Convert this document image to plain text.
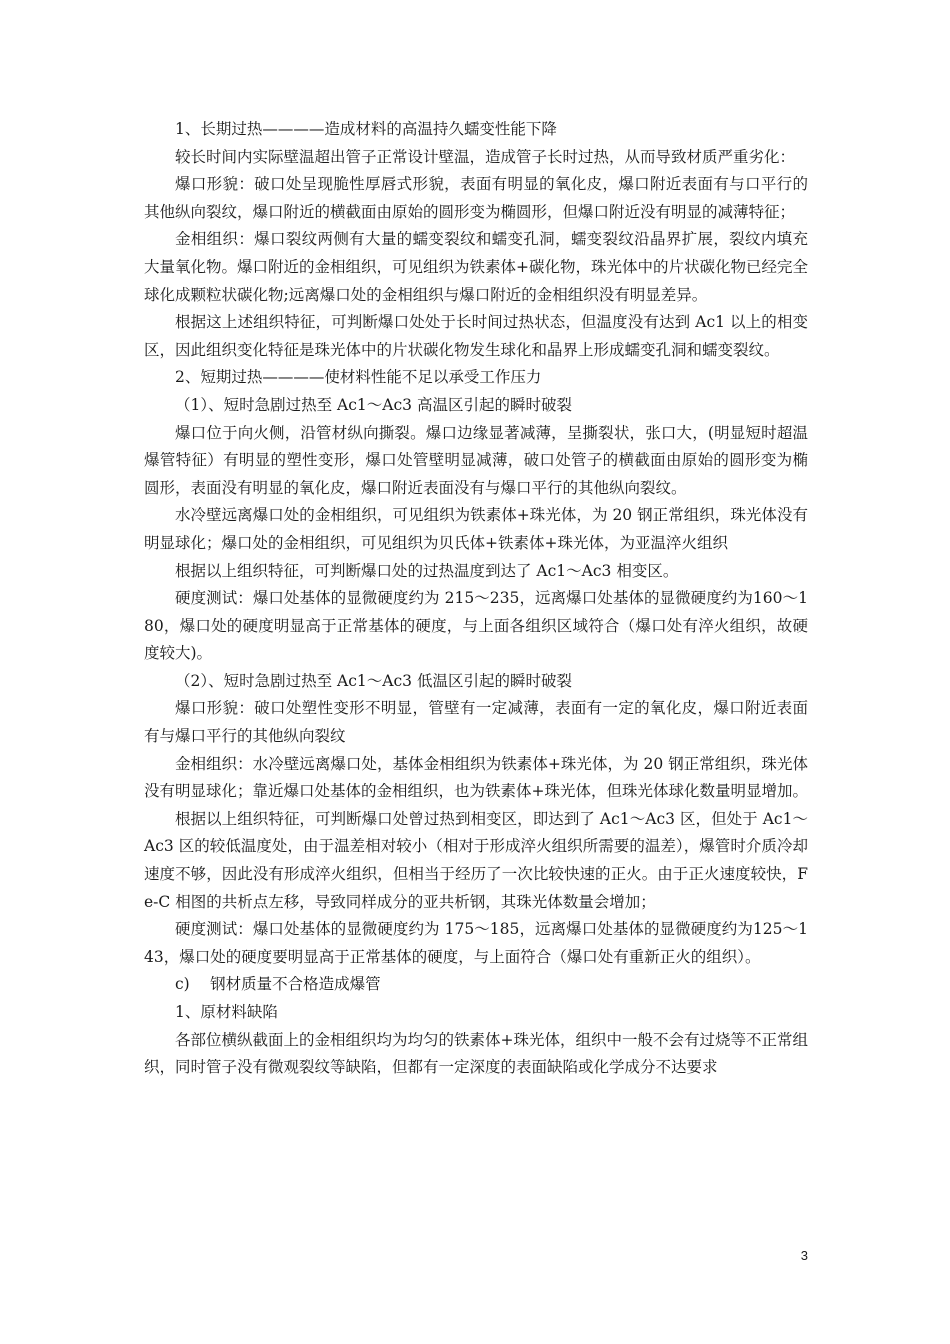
1、长期过热————造成材料的高温持久蠕变性能下降

较长时间内实际壁温超出管子正常设计壁温，造成管子长时过热，从而导致材质严重劣化：

爆口形貌：破口处呈现脆性厚唇式形貌，表面有明显的氧化皮，爆口附近表面有与口平行的其他纵向裂纹，爆口附近的横截面由原始的圆形变为椭圆形，但爆口附近没有明显的减薄特征；

金相组织：爆口裂纹两侧有大量的蠕变裂纹和蠕变孔洞，蠕变裂纹沿晶界扩展，裂纹内填充大量氧化物。爆口附近的金相组织，可见组织为铁素体+碳化物，珠光体中的片状碳化物已经完全球化成颗粒状碳化物;远离爆口处的金相组织与爆口附近的金相组织没有明显差异。

根据这上述组织特征，可判断爆口处处于长时间过热状态，但温度没有达到 Ac1 以上的相变区，因此组织变化特征是珠光体中的片状碳化物发生球化和晶界上形成蠕变孔洞和蠕变裂纹。

2、短期过热————使材料性能不足以承受工作压力

（1）、短时急剧过热至 Ac1～Ac3 高温区引起的瞬时破裂

爆口位于向火侧，沿管材纵向撕裂。爆口边缘显著减薄，呈撕裂状，张口大，(明显短时超温爆管特征）有明显的塑性变形，爆口处管壁明显减薄，破口处管子的横截面由原始的圆形变为椭圆形，表面没有明显的氧化皮，爆口附近表面没有与爆口平行的其他纵向裂纹。

水冷壁远离爆口处的金相组织，可见组织为铁素体+珠光体，为 20 钢正常组织，珠光体没有明显球化；爆口处的金相组织，可见组织为贝氏体+铁素体+珠光体，为亚温淬火组织

根据以上组织特征，可判断爆口处的过热温度到达了 Ac1～Ac3 相变区。

硬度测试：爆口处基体的显微硬度约为 215～235，远离爆口处基体的显微硬度约为160～180，爆口处的硬度明显高于正常基体的硬度，与上面各组织区域符合（爆口处有淬火组织，故硬度较大)。

（2）、短时急剧过热至 Ac1～Ac3 低温区引起的瞬时破裂

爆口形貌：破口处塑性变形不明显，管壁有一定减薄，表面有一定的氧化皮，爆口附近表面有与爆口平行的其他纵向裂纹

金相组织：水冷壁远离爆口处，基体金相组织为铁素体+珠光体，为 20 钢正常组织，珠光体没有明显球化；靠近爆口处基体的金相组织，也为铁素体+珠光体，但珠光体球化数量明显增加。

根据以上组织特征，可判断爆口处曾过热到相变区，即达到了 Ac1～Ac3 区，但处于 Ac1～Ac3 区的较低温度处，由于温差相对较小（相对于形成淬火组织所需要的温差），爆管时介质冷却速度不够，因此没有形成淬火组织，但相当于经历了一次比较快速的正火。由于正火速度较快，Fe-C 相图的共析点左移，导致同样成分的亚共析钢，其珠光体数量会增加；

硬度测试：爆口处基体的显微硬度约为 175～185，远离爆口处基体的显微硬度约为125～143，爆口处的硬度要明显高于正常基体的硬度，与上面符合（爆口处有重新正火的组织）。

c)　 钢材质量不合格造成爆管

1、原材料缺陷

各部位横纵截面上的金相组织均为均匀的铁素体+珠光体，组织中一般不会有过烧等不正常组织，同时管子没有微观裂纹等缺陷，但都有一定深度的表面缺陷或化学成分不达要求

3
